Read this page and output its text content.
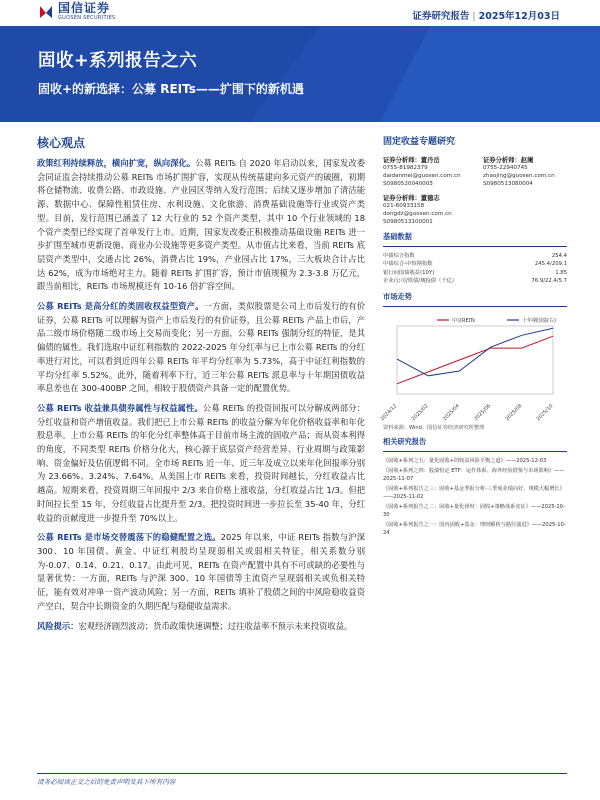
国信证券
GUOSEN SECURITIES	证券研究报告 | 2025年12月03日
固收+系列报告之六
固收+的新选择：公募 REITs——扩围下的新机遇
核心观点

政策红利持续释放，横向扩宽，纵向深化。公募 REITs 自 2020 年启动以来，国家发改委会同证监会持续推动公募 REITs 市场扩围扩容，实现从传统基建向多元资产的破圈，初期将仓储物流、收费公路、市政设施、产业园区等纳入发行范围；后续又逐步增加了清洁能源、数据中心、保障性租赁住房、水利设施、文化旅游、消费基础设施等行业或资产类型。目前，发行范围已涵盖了 12 大行业的 52 个资产类型，其中 10 个行业领域的 18 个资产类型已经实现了首单发行上市。近期，国家发改委正积极推动基础设施 REITs 进一步扩围至城市更新设施、商业办公设施等更多资产类型。从市值占比来看，当前 REITs 底层资产类型中，交通占比 26%，消费占比 19%，产业园占比 17%，三大板块合计占比达 62%，成为市场绝对主力。随着 REITs 扩围扩容，预计市值规模为 2.3-3.8 万亿元，跟当前相比，REITs 市场规模还有 10-16 倍扩容空间。

公募 REITs 是高分红的类固收权益型资产。一方面，类似股票是公司上市后发行的有价证券，公募 REITs 可以理解为资产上市后发行的有价证券，且公募 REITs 产品上市后，产品二级市场价格随二级市场上交易而变化；另一方面，公募 REITs 强制分红的特征，是其偏债的属性。我们选取中证红利指数的 2022-2025 年分红率与已上市公募 REITs 的分红率进行对比，可以看到近四年公募 REITs 年平均分红率为 5.73%，高于中证红利指数的平均分红率 5.52%。此外，随着利率下行，近三年公募 REITs 派息率与十年期国债收益率息差也在 300-400BP 之间，相较于股债资产具备一定的配置优势。

公募 REITs 收益兼具债券属性与权益属性。公募 REITs 的投资回报可以分解成两部分：分红收益和资产增值收益。我们把已上市公募 REITs 的收益分解为年化价格收益率和年化股息率。上市公募 REITs 的年化分红率整体高于目前市场主流的固收产品；而从资本利得的角度，不同类型 REITs 价格分化大，核心源于底层资产经营差异、行业周期与政策影响、资金偏好及估值逻辑不同。全市场 REITs 近一年、近三年及成立以来年化回报率分别为 23.66%、3.24%、7.64%。从美国上市 REITs 来看，投资时间越长，分红收益占比越高。短期来看，投资周期三年回报中 2/3 来自价格上涨收益，分红收益占比 1/3。但把时间拉长至 15 年，分红收益占比提升至 2/3。把投资时间进一步拉长至 35-40 年，分红收益的贡献度进一步提升至 70%以上。

公募 REITs 是市场交替震荡下的稳健配置之选。2025 年以来，中证 REITs 指数与沪深 300、10 年国债、黄金、中证红利股均呈现弱相关或弱相关特征，相关系数分别为-0.07、0.14、0.21、0.17。由此可见，REITs 在资产配置中具有不可或缺的必要性与显著优势：一方面，REITs 与沪深 300、10 年国债等主流资产呈现弱相关或负相关特征，能有效对冲单一资产波动风险；另一方面，REITs 填补了股债之间的中风险稳收益资产空白，契合中长期资金的久期匹配与稳健收益需求。

风险提示：宏观经济剧烈波动；货币政策快速调整；过往收益率不预示未来投资收益。

固定收益专题研究
证券分析师：董丹岳
0755-81982379
daidanmei@guosen.com.cn
S0980520040003
证券分析师：赵阑
0755-22940745
zhaojing@guosen.com.cn
S0980513080004
证券分析师：董德志
021-60933158
dongdz@guosen.com.cn
S0980513100001
基础数据
中债综合指数	254.4
中债综合-中短期指数	245.4/209.1
银行间国债收益(10Y)	1.85
企业/公司/铁债/城投债（千亿）	76.9/22.4/5.7
市场走势
中证REITs	十年期国债(右)
2024/12 2025/02 2025/04 2025/06 2025/08 2025/10
资料来源：Wind、国信证券经济研究所整理
相关研究报告
《固收+系列之五：量化固收+的收益风险平衡之道》——2025-12-03
《固收+系列之四：股债恒定 ETF：运作体系、海外经验借鉴与市场影响》——2025-11-07
《固收+系列报告之三：固收+基金季报分析-三季度业绩向好，规模大幅增长》——2025-11-02
《固收+系列报告之二：固收+量化择时：固收+策略体系实证》——2025-10-30
《固收+系列报告之一：国内固收+基金：理财解析与路径演进》——2025-10-24
请务必阅读正文之后的免责声明及其下所有内容
